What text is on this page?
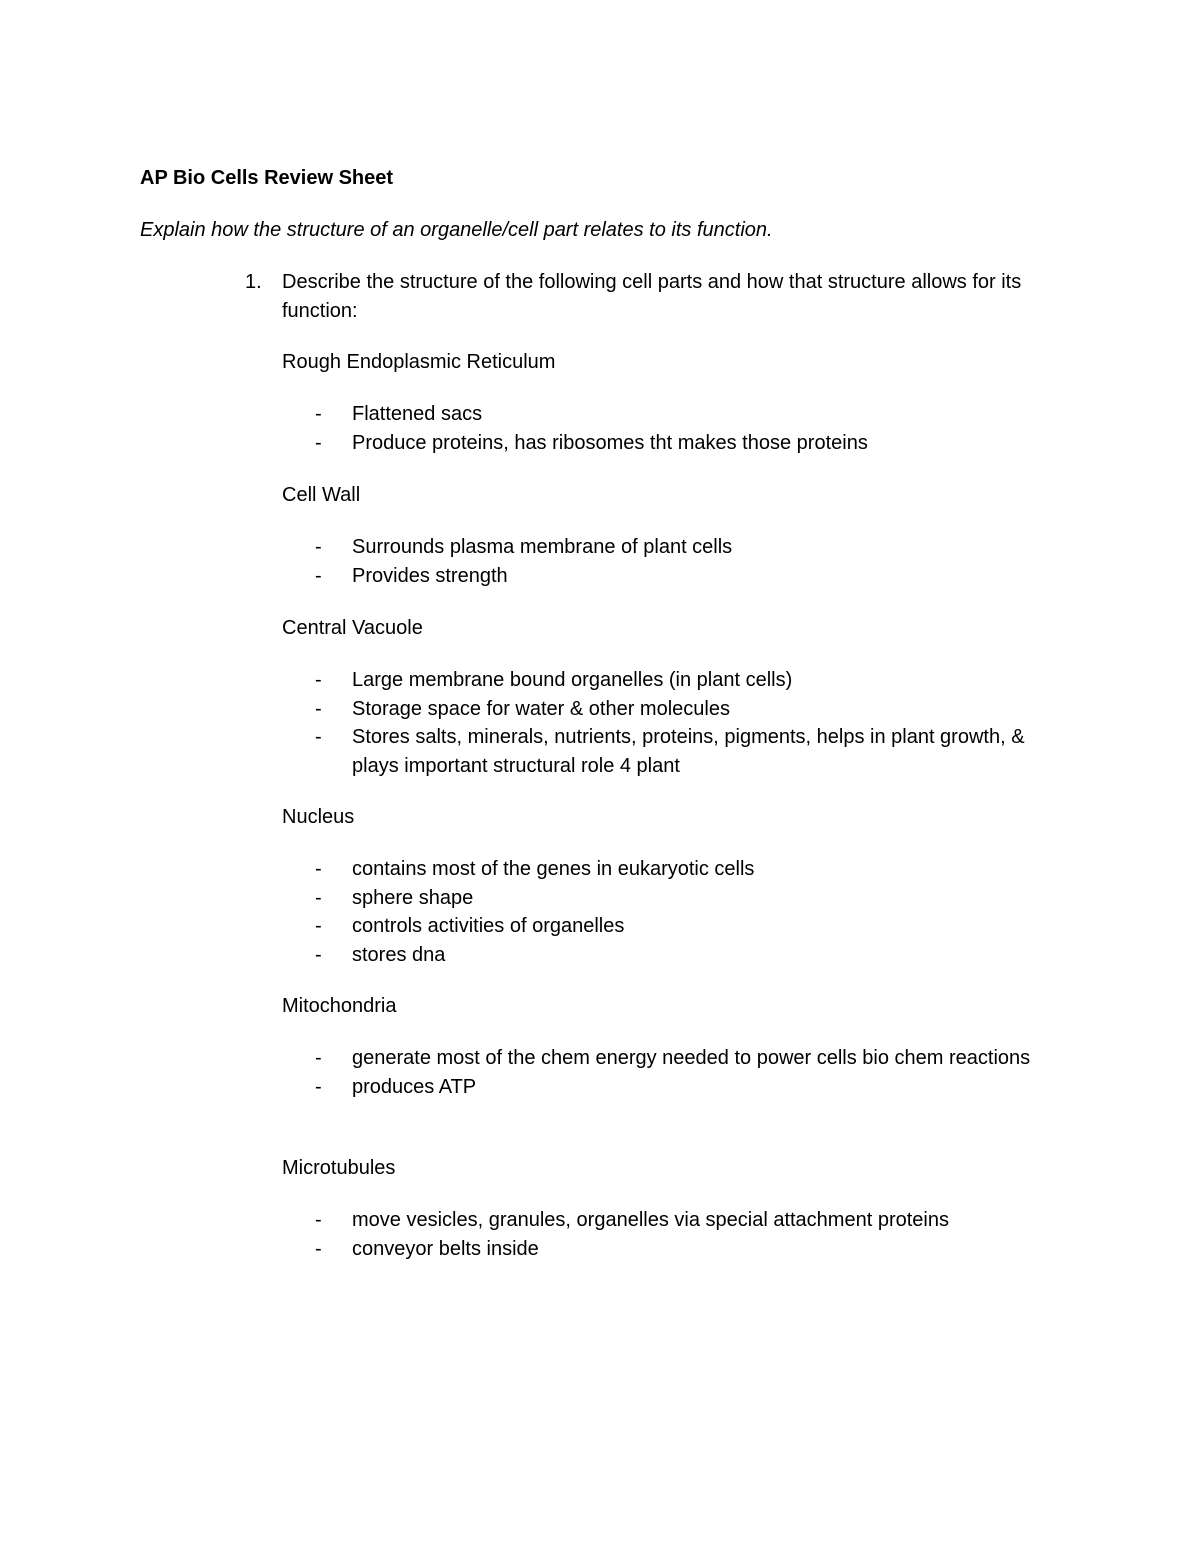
AP Bio Cells Review Sheet
Explain how the structure of an organelle/cell part relates to its function.
1. Describe the structure of the following cell parts and how that structure allows for its function:
Rough Endoplasmic Reticulum
- Flattened sacs
- Produce proteins, has ribosomes tht makes those proteins
Cell Wall
- Surrounds plasma membrane of plant cells
- Provides strength
Central Vacuole
- Large membrane bound organelles (in plant cells)
- Storage space for water & other molecules
- Stores salts, minerals, nutrients, proteins, pigments, helps in plant growth, & plays important structural role 4 plant
Nucleus
- contains most of the genes in eukaryotic cells
- sphere shape
- controls activities of organelles
- stores dna
Mitochondria
- generate most of the chem energy needed to power cells bio chem reactions
- produces ATP
Microtubules
- move vesicles, granules, organelles via special attachment proteins
- conveyor belts inside
